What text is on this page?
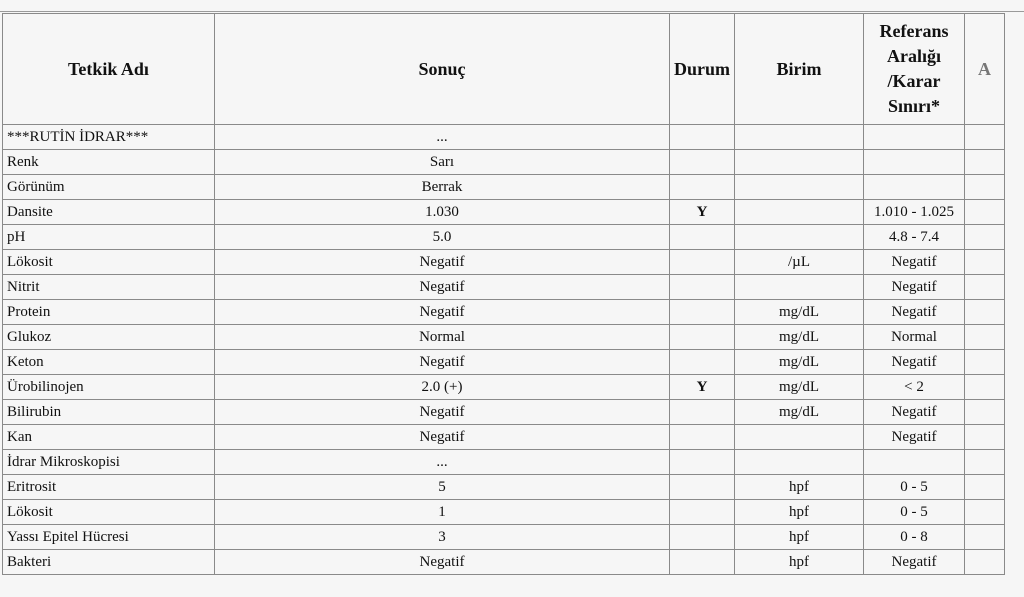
Tetkik Adı	Sonuç	Durum	Birim	Referans Aralığı /Karar Sınırı*	A
***RUTİN İDRAR***	...				
Renk	Sarı				
Görünüm	Berrak				
Dansite	1.030	Y		1.010 - 1.025	
pH	5.0			4.8 - 7.4	
Lökosit	Negatif		/µL	Negatif	
Nitrit	Negatif			Negatif	
Protein	Negatif		mg/dL	Negatif	
Glukoz	Normal		mg/dL	Normal	
Keton	Negatif		mg/dL	Negatif	
Ürobilinojen	2.0 (+)	Y	mg/dL	< 2	
Bilirubin	Negatif		mg/dL	Negatif	
Kan	Negatif			Negatif	
İdrar Mikroskopisi	...				
Eritrosit	5		hpf	0 - 5	
Lökosit	1		hpf	0 - 5	
Yassı Epitel Hücresi	3		hpf	0 - 8	
Bakteri	Negatif		hpf	Negatif	
